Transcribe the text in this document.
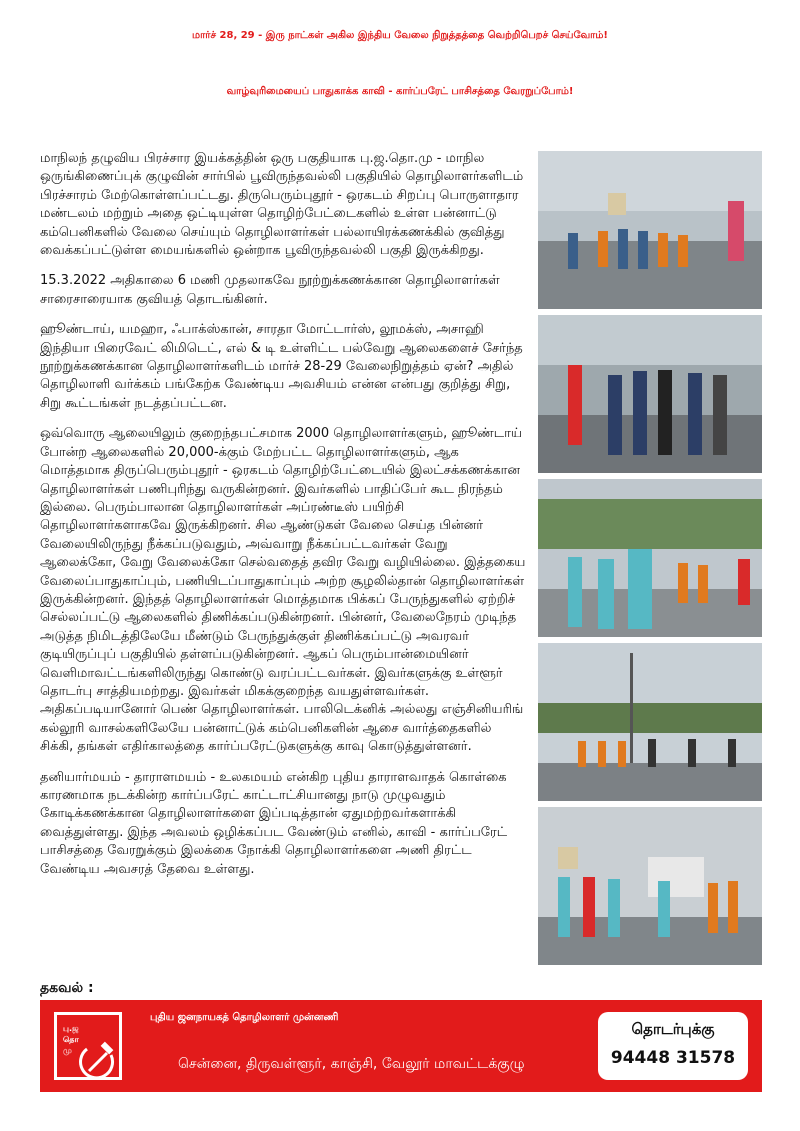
மார்ச் 28, 29 - இரு நாட்கள் அகில இந்திய வேலை நிறுத்தத்தை வெற்றிபெறச் செய்வோம்!
வாழ்வுரிமையைப் பாதுகாக்க காவி - கார்ப்பரேட் பாசிசத்தை வேரறுப்போம்!

மாநிலந் தழுவிய பிரச்சார இயக்கத்தின் ஒரு பகுதியாக பு.ஜ.தொ.மு - மாநில ஒருங்கிணைப்புக் குழுவின் சார்பில் பூவிருந்தவல்லி பகுதியில் தொழிலாளர்களிடம் பிரச்சாரம் மேற்கொள்ளப்பட்டது. திருபெரும்புதூர் - ஒரகடம் சிறப்பு பொருளாதார மண்டலம் மற்றும் அதை ஒட்டியுள்ள தொழிற்பேட்டைகளில் உள்ள பன்னாட்டு கம்பெனிகளில் வேலை செய்யும் தொழிலாளர்கள் பல்லாயிரக்கணக்கில் குவித்து வைக்கப்பட்டுள்ள மையங்களில் ஒன்றாக பூவிருந்தவல்லி பகுதி இருக்கிறது.

15.3.2022 அதிகாலை 6 மணி முதலாகவே நூற்றுக்கணக்கான தொழிலாளர்கள் சாரைசாரையாக குவியத் தொடங்கினர்.

ஹூண்டாய், யமஹா, ஃபாக்ஸ்கான், சாரதா மோட்டார்ஸ், லூமக்ஸ், அசாஹி இந்தியா பிரைவேட் லிமிடெட், எல் & டி உள்ளிட்ட பல்வேறு ஆலைகளைச் சேர்ந்த நூற்றுக்கணக்கான தொழிலாளர்களிடம் மார்ச் 28-29 வேலைநிறுத்தம் ஏன்? அதில் தொழிலாளி வர்க்கம் பங்கேற்க வேண்டிய அவசியம் என்ன என்பது குறித்து சிறு, சிறு கூட்டங்கள் நடத்தப்பட்டன.

ஒவ்வொரு ஆலையிலும் குறைந்தபட்சமாக 2000 தொழிலாளர்களும், ஹூண்டாய் போன்ற ஆலைகளில் 20,000-க்கும் மேற்பட்ட தொழிலாளர்களும், ஆக மொத்தமாக திருப்பெரும்புதூர் - ஒரகடம் தொழிற்பேட்டையில் இலட்சக்கணக்கான தொழிலாளர்கள் பணிபுரிந்து வருகின்றனர். இவர்களில் பாதிப்பேர் கூட நிரந்தம் இல்லை. பெரும்பாலான தொழிலாளர்கள் அப்ரண்டீஸ் பயிற்சி தொழிலாளர்களாகவே இருக்கிறனர். சில ஆண்டுகள் வேலை செய்த பின்னர் வேலையிலிருந்து நீக்கப்படுவதும், அவ்வாறு நீக்கப்பட்டவர்கள் வேறு ஆலைக்கோ, வேறு வேலைக்கோ செல்வதைத் தவிர வேறு வழியில்லை. இத்தகைய வேலைப்பாதுகாப்பும், பணியிடப்பாதுகாப்பும் அற்ற சூழலில்தான் தொழிலாளர்கள் இருக்கின்றனர். இந்தத் தொழிலாளர்கள் மொத்தமாக பிக்கப் பேருந்துகளில் ஏற்றிச் செல்லப்பட்டு ஆலைகளில் திணிக்கப்படுகின்றனர். பின்னர், வேலைநேரம் முடிந்த அடுத்த நிமிடத்திலேயே மீண்டும் பேருந்துக்குள் திணிக்கப்பட்டு அவரவர் குடியிருப்புப் பகுதியில் தள்ளப்படுகின்றனர். ஆகப் பெரும்பான்மையினர் வெளிமாவட்டங்களிலிருந்து கொண்டு வரப்பட்டவர்கள். இவர்களுக்கு உள்ளூர் தொடர்பு சாத்தியமற்றது. இவர்கள் மிகக்குறைந்த வயதுள்ளவர்கள். அதிகப்படியானோர் பெண் தொழிலாளர்கள். பாலிடெக்னிக் அல்லது எஞ்சினியரிங் கல்லூரி வாசல்களிலேயே பன்னாட்டுக் கம்பெனிகளின் ஆசை வார்த்தைகளில் சிக்கி, தங்கள் எதிர்காலத்தை கார்ப்பரேட்டுகளுக்கு காவு கொடுத்துள்ளனர்.

தனியார்மயம் - தாராளமயம் - உலகமயம் என்கிற புதிய தாராளவாதக் கொள்கை காரணமாக நடக்கின்ற கார்ப்பரேட் காட்டாட்சியானது நாடு முழுவதும் கோடிக்கணக்கான தொழிலாளர்களை இப்படித்தான் ஏதுமற்றவர்களாக்கி வைத்துள்ளது. இந்த அவலம் ஒழிக்கப்பட வேண்டும் எனில், காவி - கார்ப்பரேட் பாசிசத்தை வேரறுக்கும் இலக்கை நோக்கி தொழிலாளர்களை அணி திரட்ட வேண்டிய அவசரத் தேவை உள்ளது.

தகவல் :
பு.ஜ
தொ
மு
புதிய ஜனநாயகத் தொழிலாளர் முன்னணி
சென்னை, திருவள்ளூர், காஞ்சி, வேலூர் மாவட்டக்குழு
தொடர்புக்கு
94448 31578
